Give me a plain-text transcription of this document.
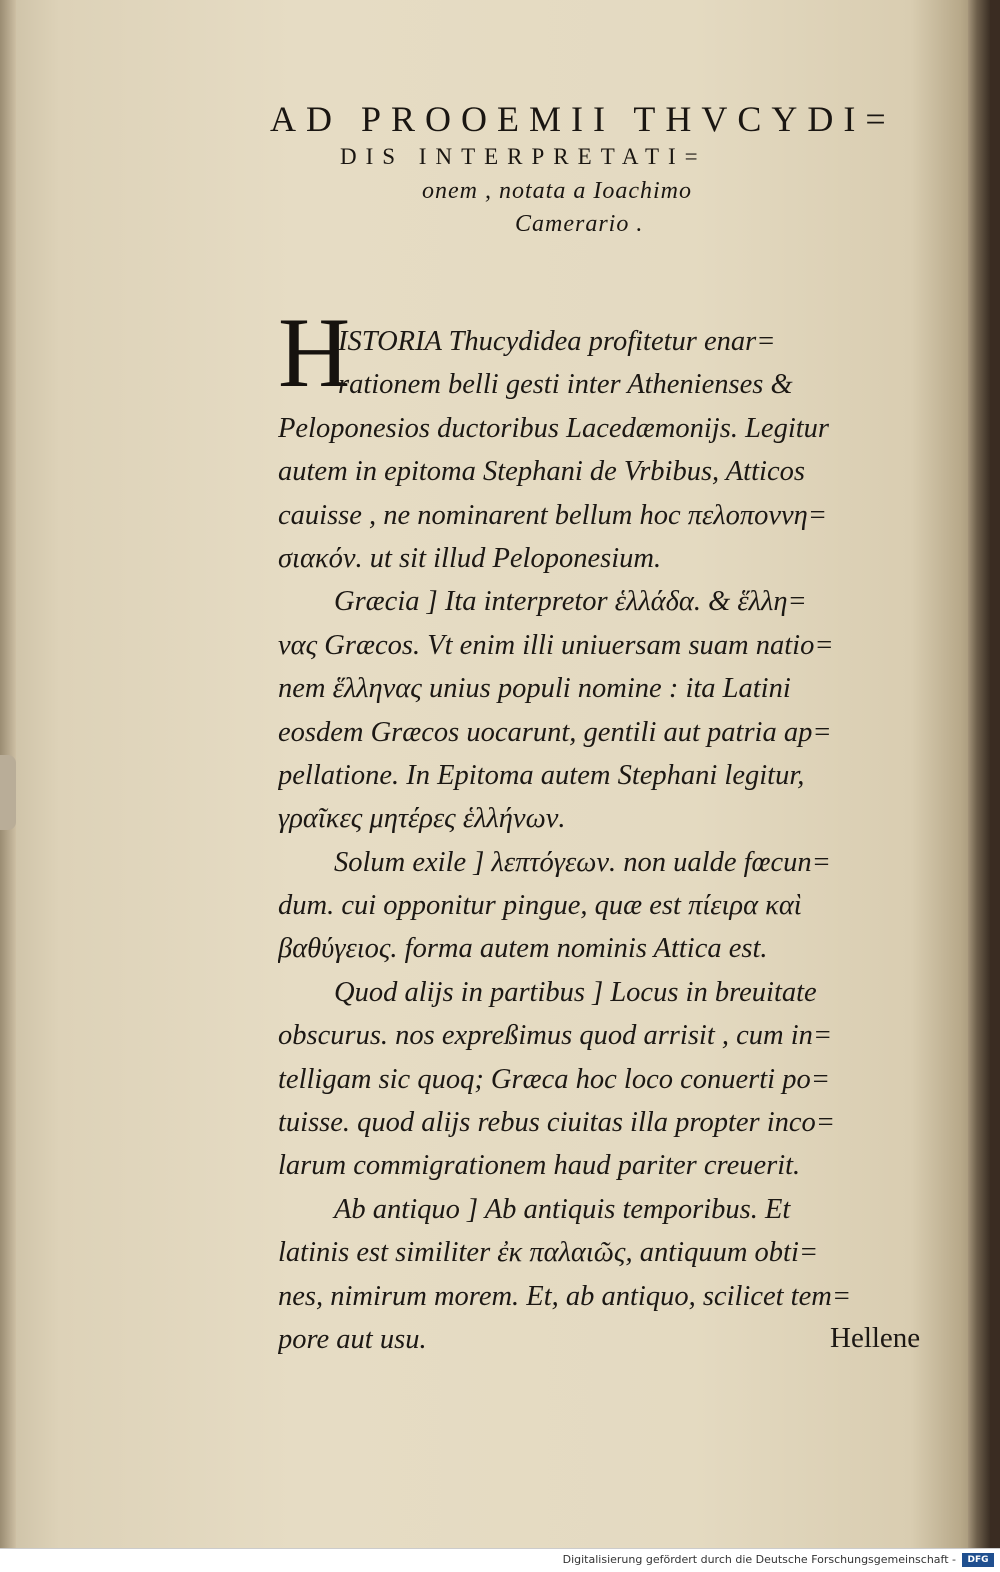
AD PROOEMII THVCYDI=
DIS INTERPRETATI=
onem , notata a Ioachimo
Camerario .
H
ISTORIA Thucydidea profitetur enar=
rationem belli gesti inter Athenienses &
Peloponesios ductoribus Lacedæmonijs. Legitur
autem in epitoma Stephani de Vrbibus, Atticos
cauisse , ne nominarent bellum hoc πελοποννη=
σιακόν. ut sit illud Peloponesium.
Græcia ] Ita interpretor ἑλλάδα. & ἕλλη=
νας Græcos. Vt enim illi uniuersam suam natio=
nem ἕλληνας unius populi nomine : ita Latini
eosdem Græcos uocarunt, gentili aut patria ap=
pellatione. In Epitoma autem Stephani legitur,
γραῖκες μητέρες ἑλλήνων.
Solum exile ] λεπτόγεων. non ualde fœcun=
dum. cui opponitur pingue, quæ est πίειρα καὶ
βαθύγειος. forma autem nominis Attica est.
Quod alijs in partibus ] Locus in breuitate
obscurus. nos expreßimus quod arrisit , cum in=
telligam sic quoq; Græca hoc loco conuerti po=
tuisse. quod alijs rebus ciuitas illa propter inco=
larum commigrationem haud pariter creuerit.
Ab antiquo ] Ab antiquis temporibus. Et
latinis est similiter ἐκ παλαιῶς, antiquum obti=
nes, nimirum morem. Et, ab antiquo, scilicet tem=
pore aut usu.	Hellene
Digitalisierung gefördert durch die Deutsche Forschungsgemeinschaft -	DFG
